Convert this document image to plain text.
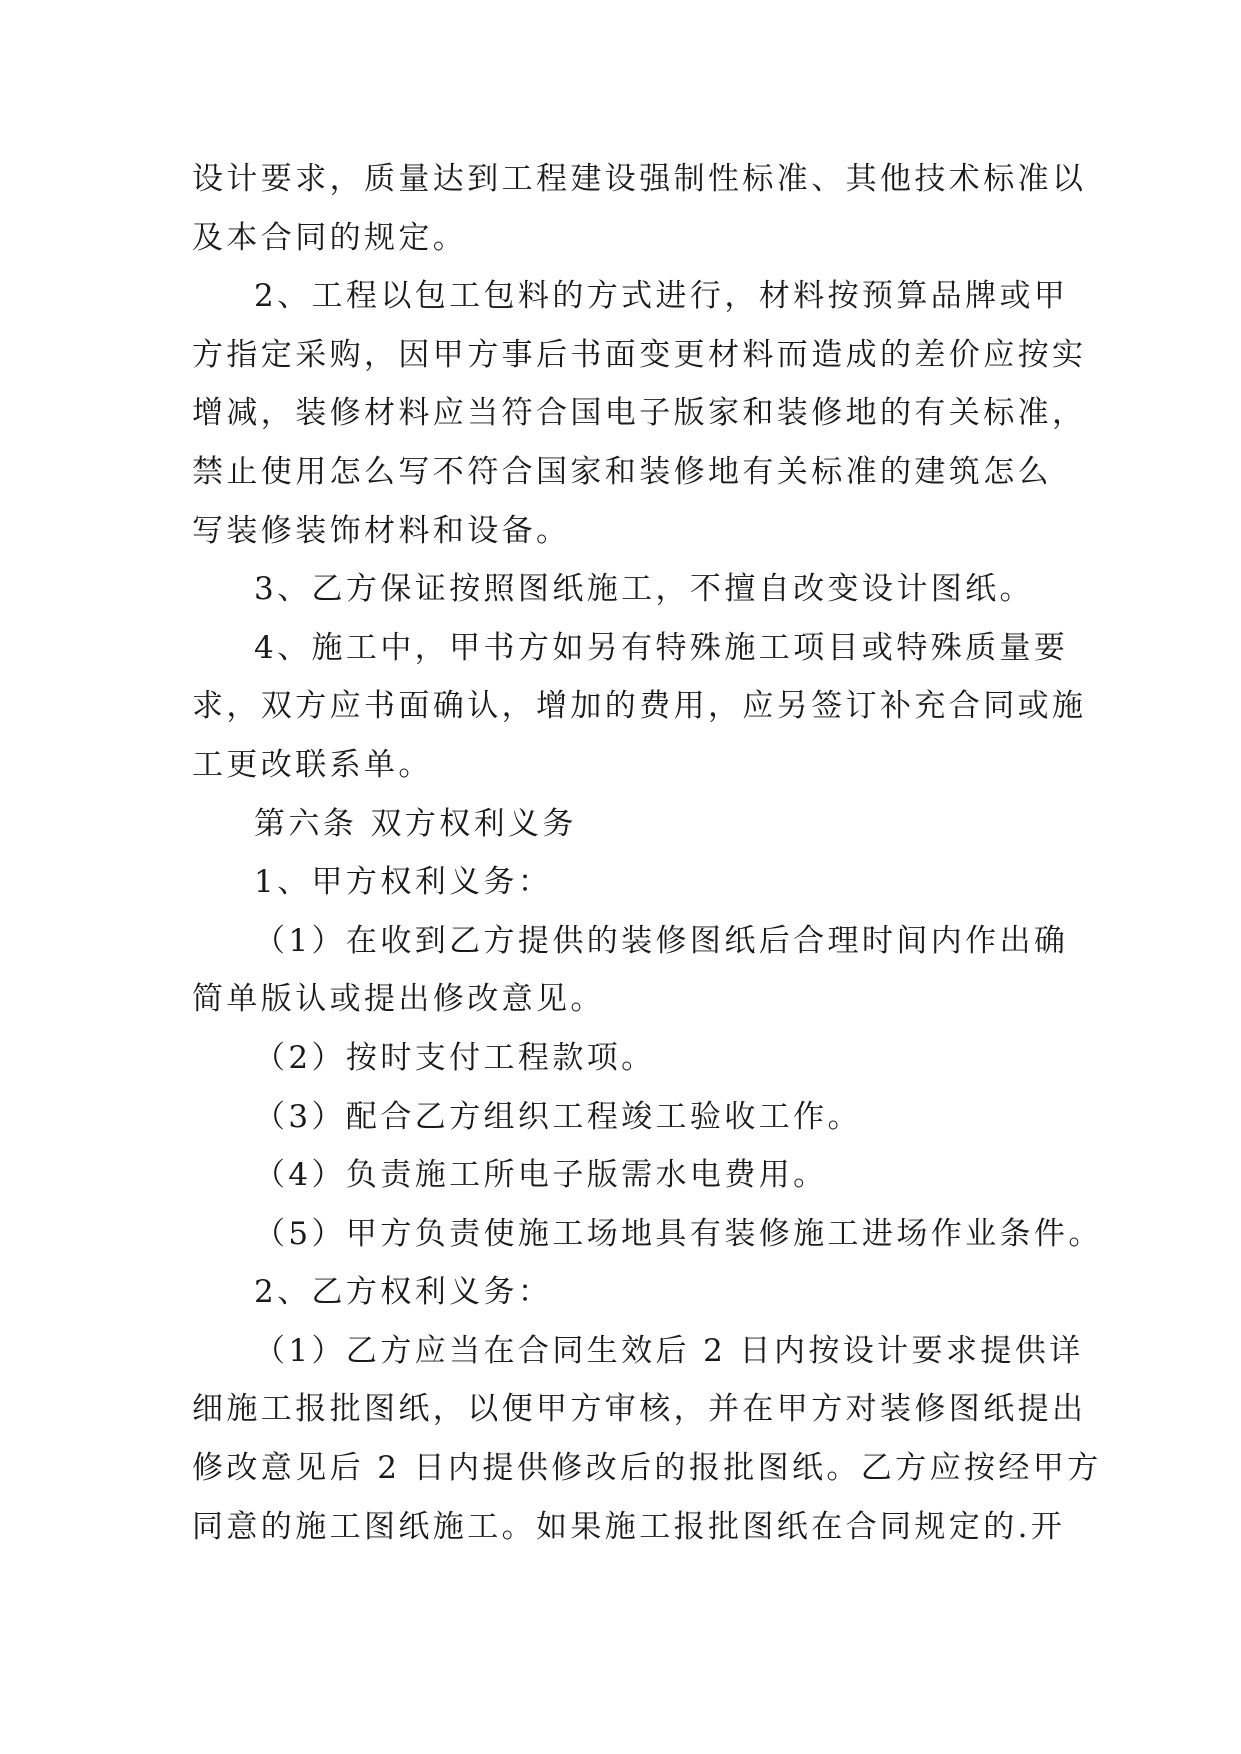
设计要求，质量达到工程建设强制性标准、其他技术标准以
及本合同的规定。
2、工程以包工包料的方式进行，材料按预算品牌或甲
方指定采购，因甲方事后书面变更材料而造成的差价应按实
增减，装修材料应当符合国电子版家和装修地的有关标准，
禁止使用怎么写不符合国家和装修地有关标准的建筑怎么
写装修装饰材料和设备。
3、乙方保证按照图纸施工，不擅自改变设计图纸。
4、施工中，甲书方如另有特殊施工项目或特殊质量要
求，双方应书面确认，增加的费用，应另签订补充合同或施
工更改联系单。
第六条 双方权利义务
1、甲方权利义务：
（1）在收到乙方提供的装修图纸后合理时间内作出确
简单版认或提出修改意见。
（2）按时支付工程款项。
（3）配合乙方组织工程竣工验收工作。
（4）负责施工所电子版需水电费用。
（5）甲方负责使施工场地具有装修施工进场作业条件。
2、乙方权利义务：
（1）乙方应当在合同生效后 2 日内按设计要求提供详
细施工报批图纸，以便甲方审核，并在甲方对装修图纸提出
修改意见后 2 日内提供修改后的报批图纸。乙方应按经甲方
同意的施工图纸施工。如果施工报批图纸在合同规定的.开
